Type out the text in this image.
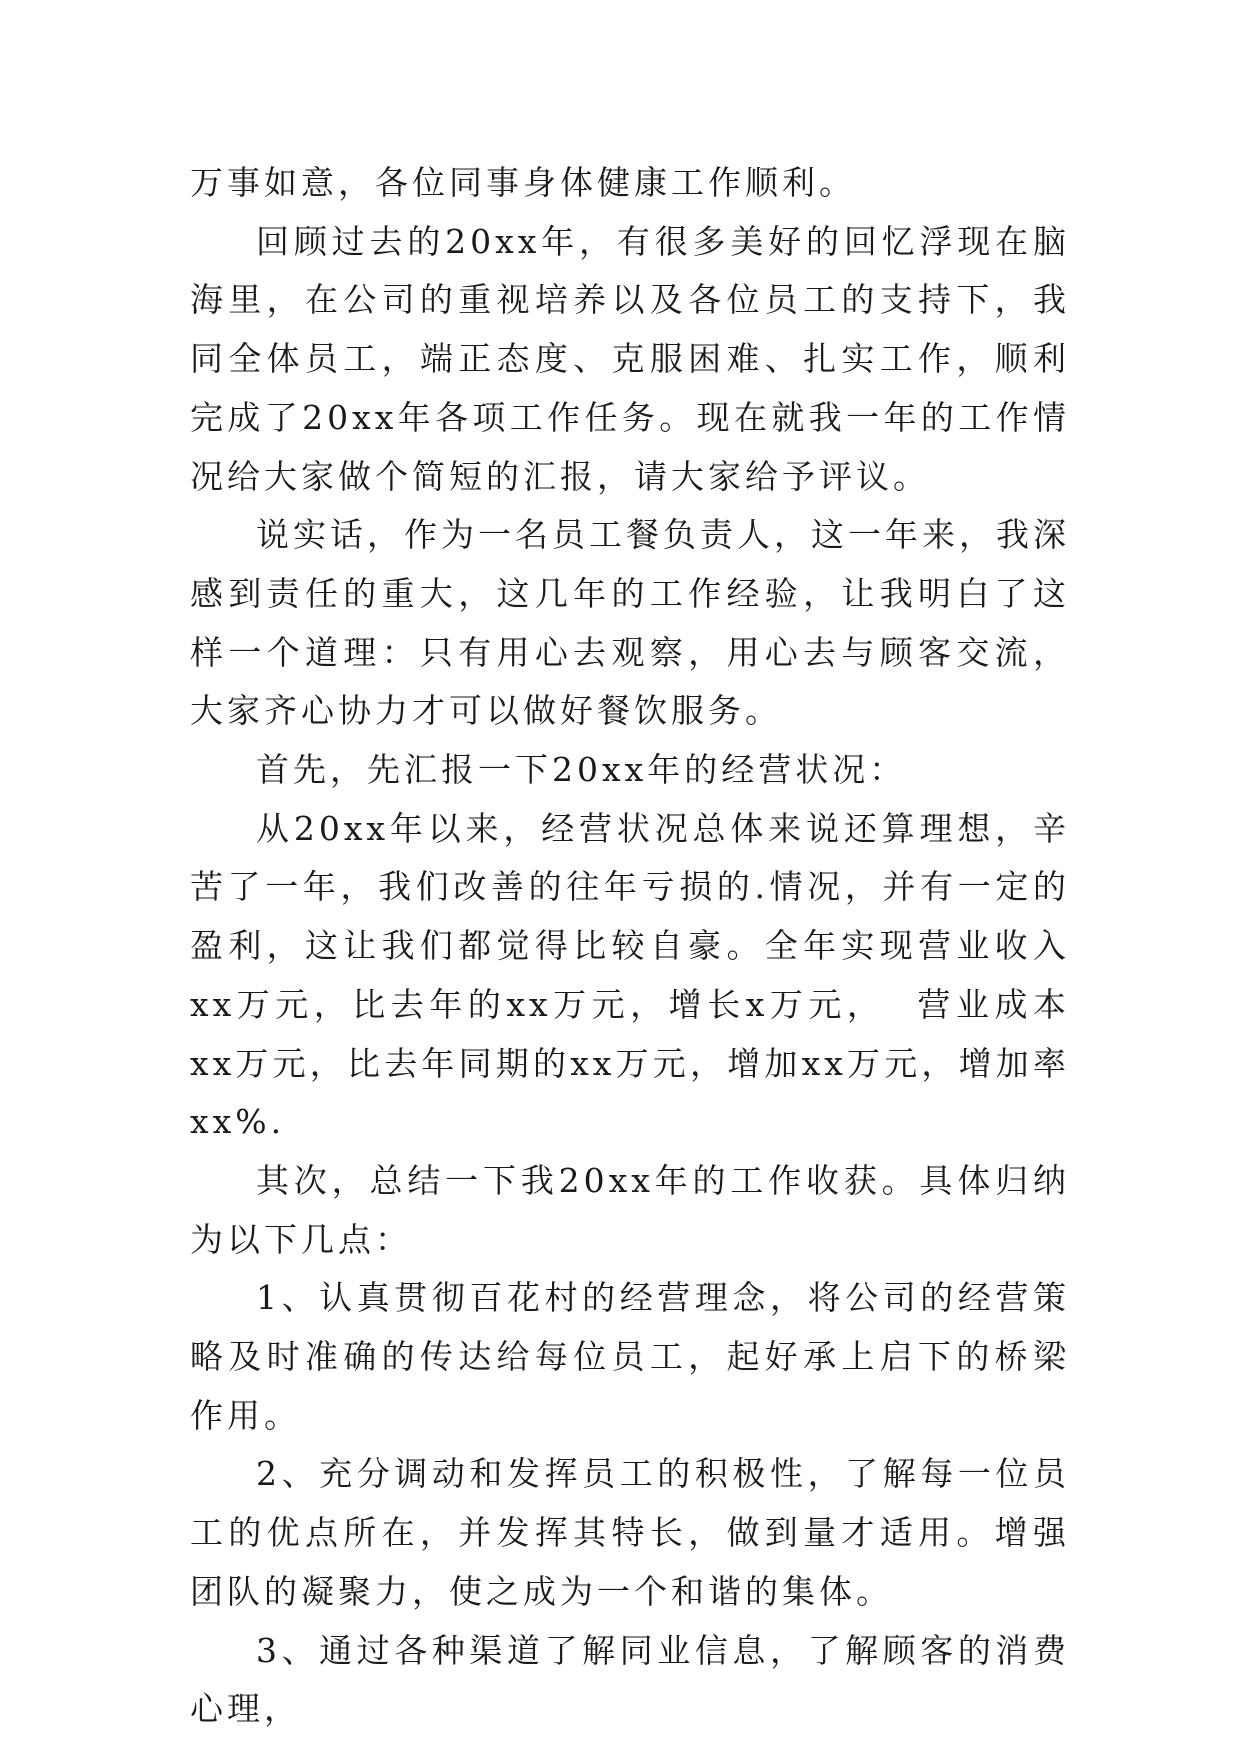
万事如意，各位同事身体健康工作顺利。

回顾过去的20xx年，有很多美好的回忆浮现在脑海里，在公司的重视培养以及各位员工的支持下，我同全体员工，端正态度、克服困难、扎实工作，顺利完成了20xx年各项工作任务。现在就我一年的工作情况给大家做个简短的汇报，请大家给予评议。

说实话，作为一名员工餐负责人，这一年来，我深感到责任的重大，这几年的工作经验，让我明白了这样一个道理：只有用心去观察，用心去与顾客交流，大家齐心协力才可以做好餐饮服务。

首先，先汇报一下20xx年的经营状况：

从20xx年以来，经营状况总体来说还算理想，辛苦了一年，我们改善的往年亏损的.情况，并有一定的盈利，这让我们都觉得比较自豪。全年实现营业收入xx万元，比去年的xx万元，增长x万元，  营业成本xx万元，比去年同期的xx万元，增加xx万元，增加率xx%.

其次，总结一下我20xx年的工作收获。具体归纳为以下几点：

1、认真贯彻百花村的经营理念，将公司的经营策略及时准确的传达给每位员工，起好承上启下的桥梁作用。

2、充分调动和发挥员工的积极性，了解每一位员工的优点所在，并发挥其特长，做到量才适用。增强团队的凝聚力，使之成为一个和谐的集体。

3、通过各种渠道了解同业信息，了解顾客的消费心理，
